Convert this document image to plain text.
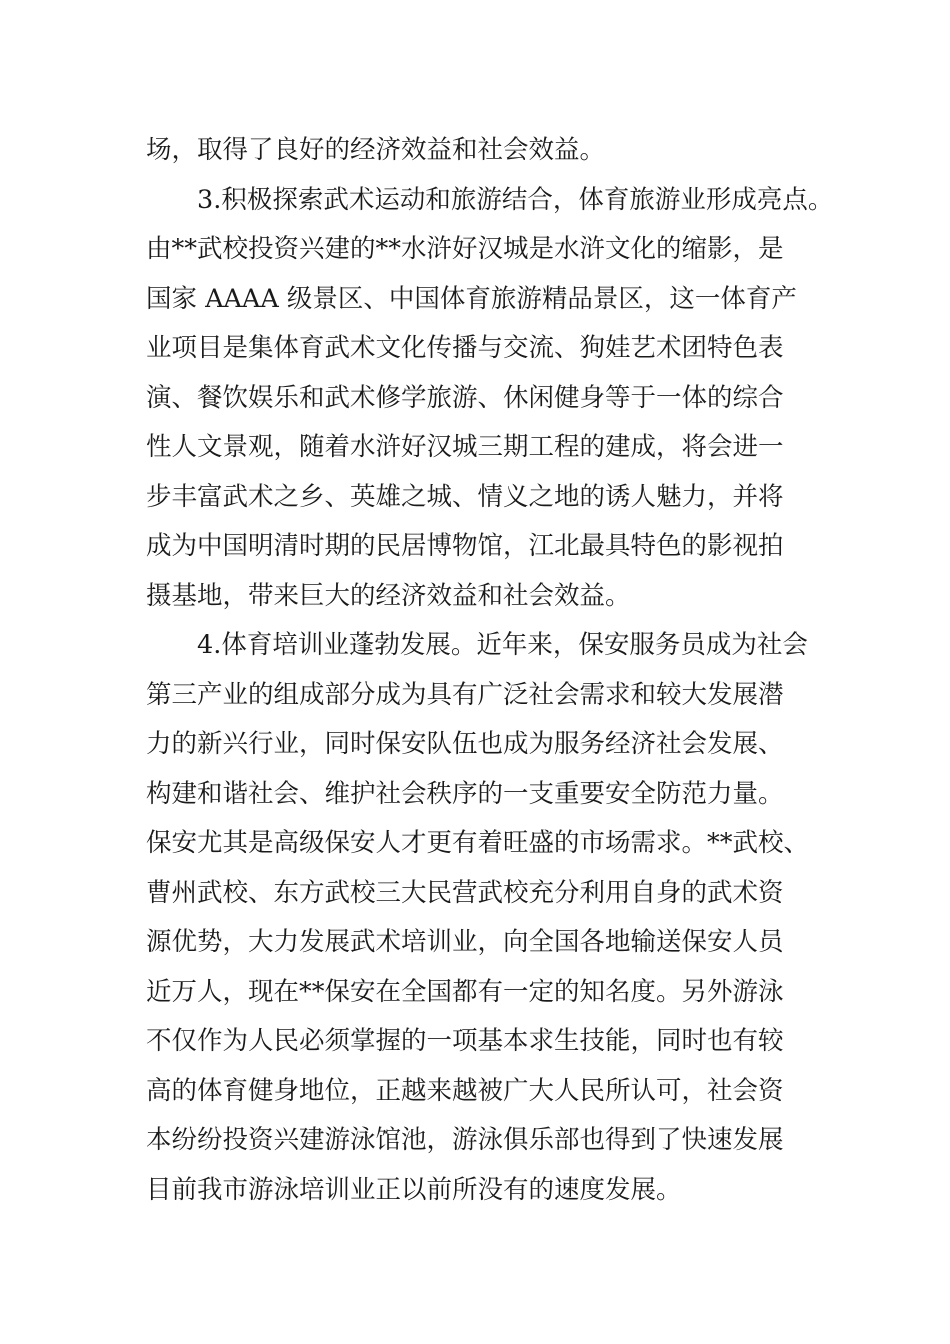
场，取得了良好的经济效益和社会效益。
3.积极探索武术运动和旅游结合，体育旅游业形成亮点。
由**武校投资兴建的**水浒好汉城是水浒文化的缩影，是
国家 AAAA 级景区、中国体育旅游精品景区，这一体育产
业项目是集体育武术文化传播与交流、狗娃艺术团特色表
演、餐饮娱乐和武术修学旅游、休闲健身等于一体的综合
性人文景观，随着水浒好汉城三期工程的建成，将会进一
步丰富武术之乡、英雄之城、情义之地的诱人魅力，并将
成为中国明清时期的民居博物馆，江北最具特色的影视拍
摄基地，带来巨大的经济效益和社会效益。
4.体育培训业蓬勃发展。近年来，保安服务员成为社会
第三产业的组成部分成为具有广泛社会需求和较大发展潜
力的新兴行业，同时保安队伍也成为服务经济社会发展、
构建和谐社会、维护社会秩序的一支重要安全防范力量。
保安尤其是高级保安人才更有着旺盛的市场需求。**武校、
曹州武校、东方武校三大民营武校充分利用自身的武术资
源优势，大力发展武术培训业，向全国各地输送保安人员
近万人，现在**保安在全国都有一定的知名度。另外游泳
不仅作为人民必须掌握的一项基本求生技能，同时也有较
高的体育健身地位，正越来越被广大人民所认可，社会资
本纷纷投资兴建游泳馆池，游泳俱乐部也得到了快速发展
目前我市游泳培训业正以前所没有的速度发展。
